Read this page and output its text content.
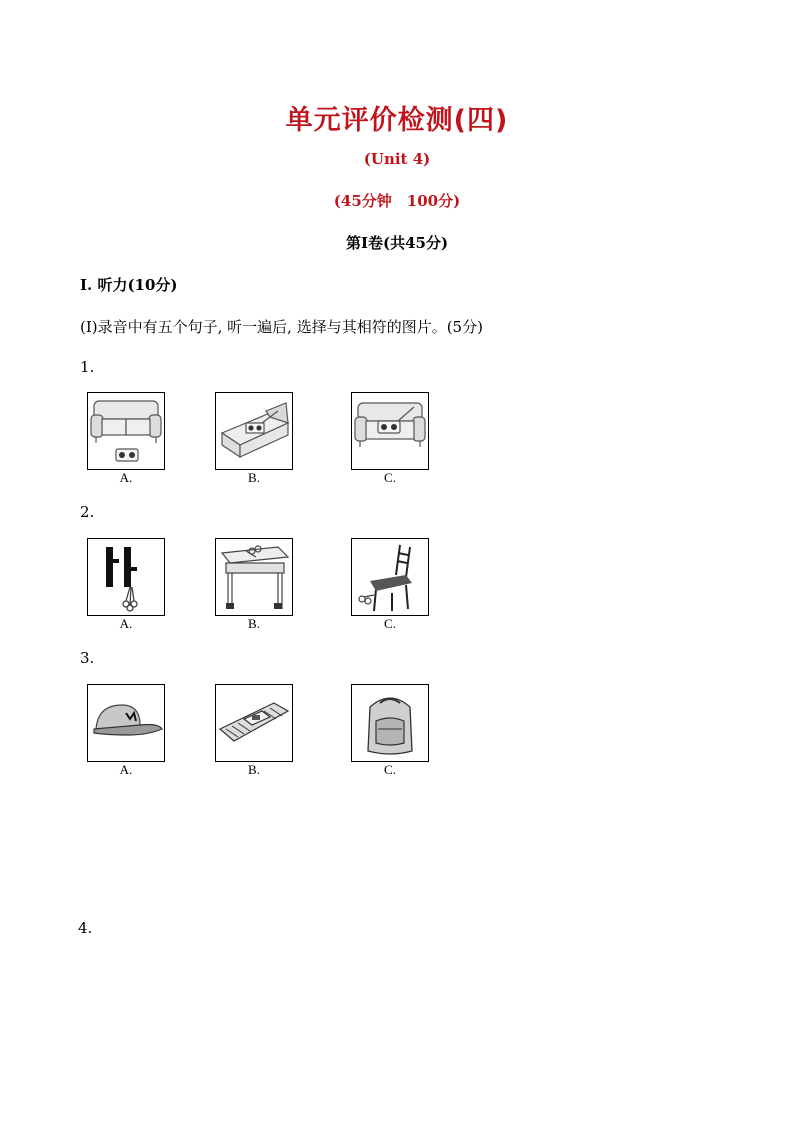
单元评价检测(四)
(Unit 4)
(45分钟　100分)
第Ⅰ卷(共45分)
Ⅰ. 听力(10分)
(Ⅰ)录音中有五个句子, 听一遍后, 选择与其相符的图片。(5分)
1.
A.	B.	C.
2.
A.	B.	C.
3.
A.	B.	C.
4.
